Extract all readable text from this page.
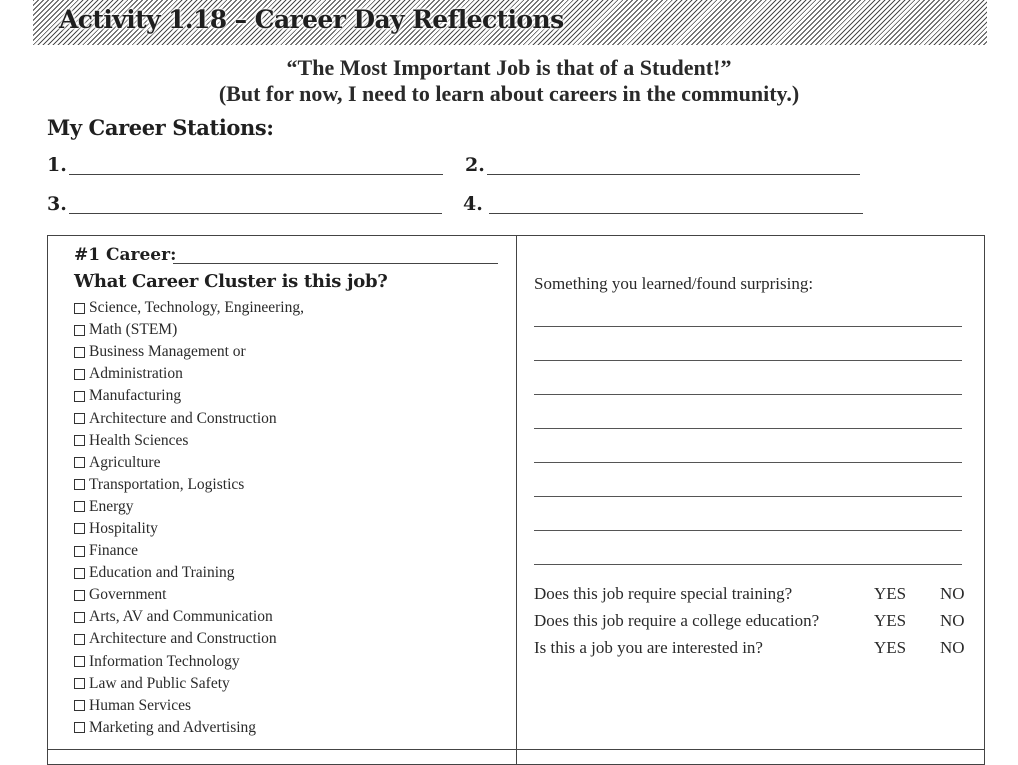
Activity 1.18 – Career Day Reflections
“The Most Important Job is that of a Student!”
(But for now, I need to learn about careers in the community.)
My Career Stations:
1.	2.
3.	4.
#1 Career:
What Career Cluster is this job?
Science, Technology, Engineering,
Math (STEM)
Business Management or
Administration
Manufacturing
Architecture and Construction
Health Sciences
Agriculture
Transportation, Logistics
Energy
Hospitality
Finance
Education and Training
Government
Arts, AV and Communication
Architecture and Construction
Information Technology
Law and Public Safety
Human Services
Marketing and Advertising
Something you learned/found surprising:
Does this job require special training?	YES NO
Does this job require a college education?	YES NO
Is this a job you are interested in?	YES NO
